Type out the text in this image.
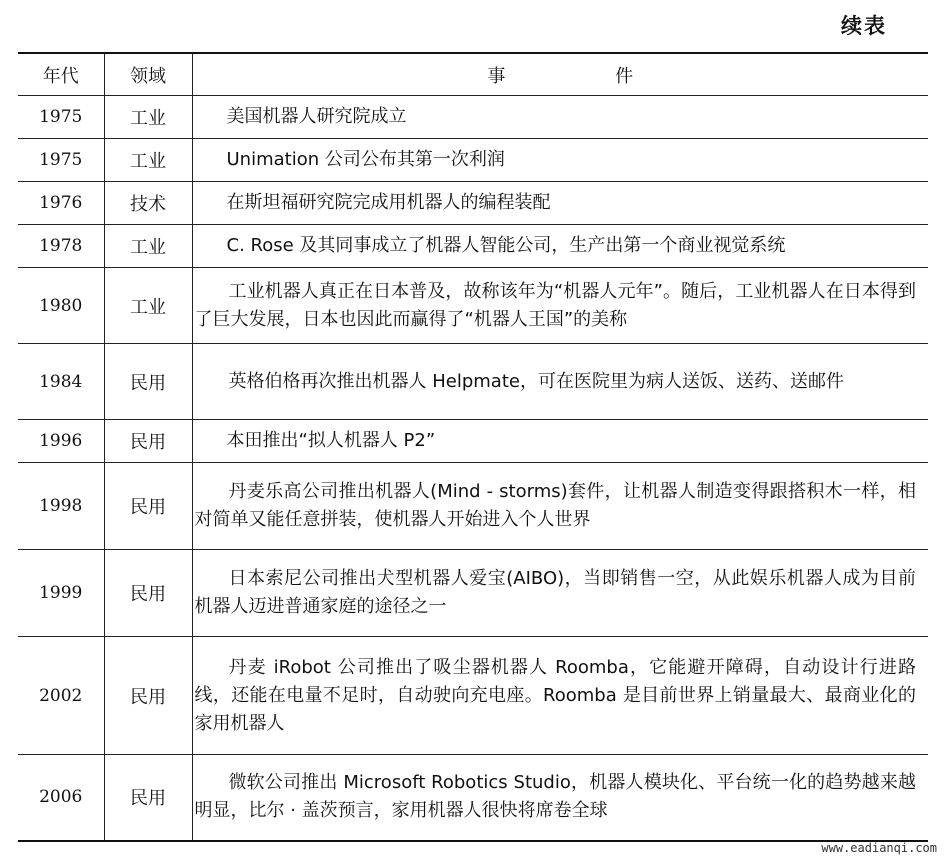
续表
年代	领域	事 件
1975	工业	美国机器人研究院成立
1975	工业	Unimation 公司公布其第一次利润
1976	技术	在斯坦福研究院完成用机器人的编程装配
1978	工业	C. Rose 及其同事成立了机器人智能公司，生产出第一个商业视觉系统
1980	工业	工业机器人真正在日本普及，故称该年为“机器人元年”。随后，工业机器人在日本得到了巨大发展，日本也因此而赢得了“机器人王国”的美称
1984	民用	英格伯格再次推出机器人 Helpmate，可在医院里为病人送饭、送药、送邮件
1996	民用	本田推出“拟人机器人 P2”
1998	民用	丹麦乐高公司推出机器人(Mind - storms)套件，让机器人制造变得跟搭积木一样，相对简单又能任意拼装，使机器人开始进入个人世界
1999	民用	日本索尼公司推出犬型机器人爱宝(AIBO)，当即销售一空，从此娱乐机器人成为目前机器人迈进普通家庭的途径之一
2002	民用	丹麦 iRobot 公司推出了吸尘器机器人 Roomba，它能避开障碍，自动设计行进路线，还能在电量不足时，自动驶向充电座。Roomba 是目前世界上销量最大、最商业化的家用机器人
2006	民用	微软公司推出 Microsoft Robotics Studio，机器人模块化、平台统一化的趋势越来越明显，比尔 · 盖茨预言，家用机器人很快将席卷全球
www.eadianqi.com
